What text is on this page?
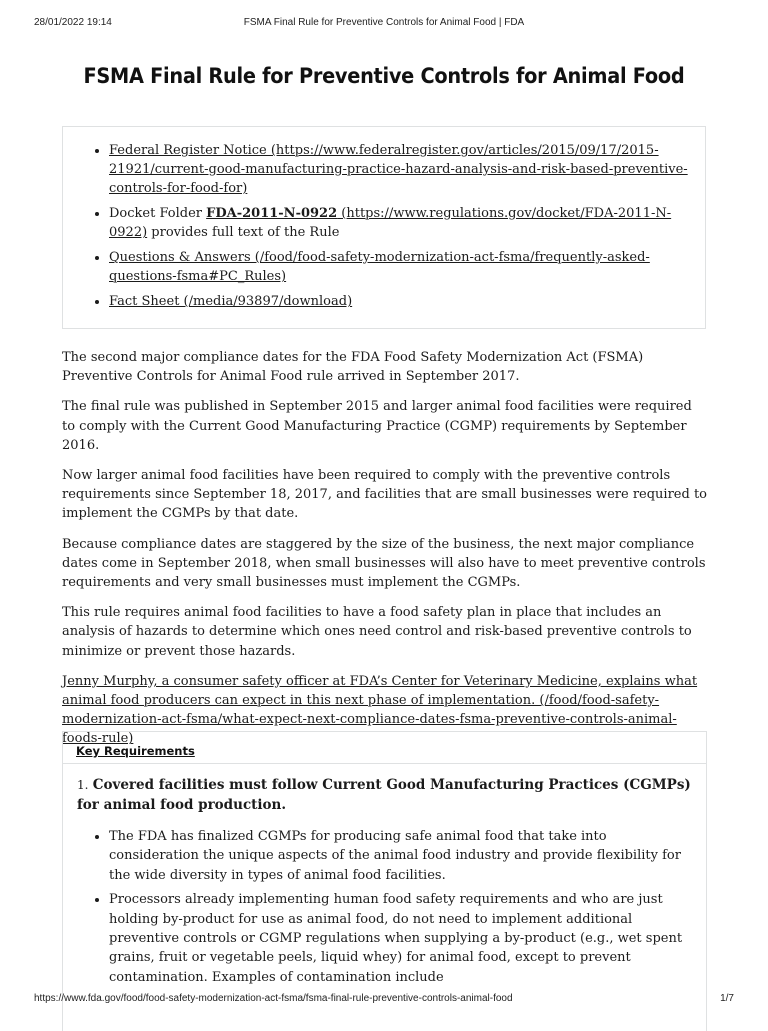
28/01/2022 19:14	FSMA Final Rule for Preventive Controls for Animal Food | FDA
FSMA Final Rule for Preventive Controls for Animal Food
• Federal Register Notice (https://www.federalregister.gov/articles/2015/09/17/2015-21921/current-good-manufacturing-practice-hazard-analysis-and-risk-based-preventive-controls-for-food-for)
• Docket Folder FDA-2011-N-0922 (https://www.regulations.gov/docket/FDA-2011-N-0922) provides full text of the Rule
• Questions & Answers (/food/food-safety-modernization-act-fsma/frequently-asked-questions-fsma#PC_Rules)
• Fact Sheet (/media/93897/download)

The second major compliance dates for the FDA Food Safety Modernization Act (FSMA) Preventive Controls for Animal Food rule arrived in September 2017.

The final rule was published in September 2015 and larger animal food facilities were required to comply with the Current Good Manufacturing Practice (CGMP) requirements by September 2016.

Now larger animal food facilities have been required to comply with the preventive controls requirements since September 18, 2017, and facilities that are small businesses were required to implement the CGMPs by that date.

Because compliance dates are staggered by the size of the business, the next major compliance dates come in September 2018, when small businesses will also have to meet preventive controls requirements and very small businesses must implement the CGMPs.

This rule requires animal food facilities to have a food safety plan in place that includes an analysis of hazards to determine which ones need control and risk-based preventive controls to minimize or prevent those hazards.

Jenny Murphy, a consumer safety officer at FDA’s Center for Veterinary Medicine, explains what animal food producers can expect in this next phase of implementation. (/food/food-safety-modernization-act-fsma/what-expect-next-compliance-dates-fsma-preventive-controls-animal-foods-rule)

Key Requirements
1. Covered facilities must follow Current Good Manufacturing Practices (CGMPs) for animal food production.
• The FDA has finalized CGMPs for producing safe animal food that take into consideration the unique aspects of the animal food industry and provide flexibility for the wide diversity in types of animal food facilities.
• Processors already implementing human food safety requirements and who are just holding by-product for use as animal food, do not need to implement additional preventive controls or CGMP regulations when supplying a by-product (e.g., wet spent grains, fruit or vegetable peels, liquid whey) for animal food, except to prevent contamination. Examples of contamination include
https://www.fda.gov/food/food-safety-modernization-act-fsma/fsma-final-rule-preventive-controls-animal-food	1/7
